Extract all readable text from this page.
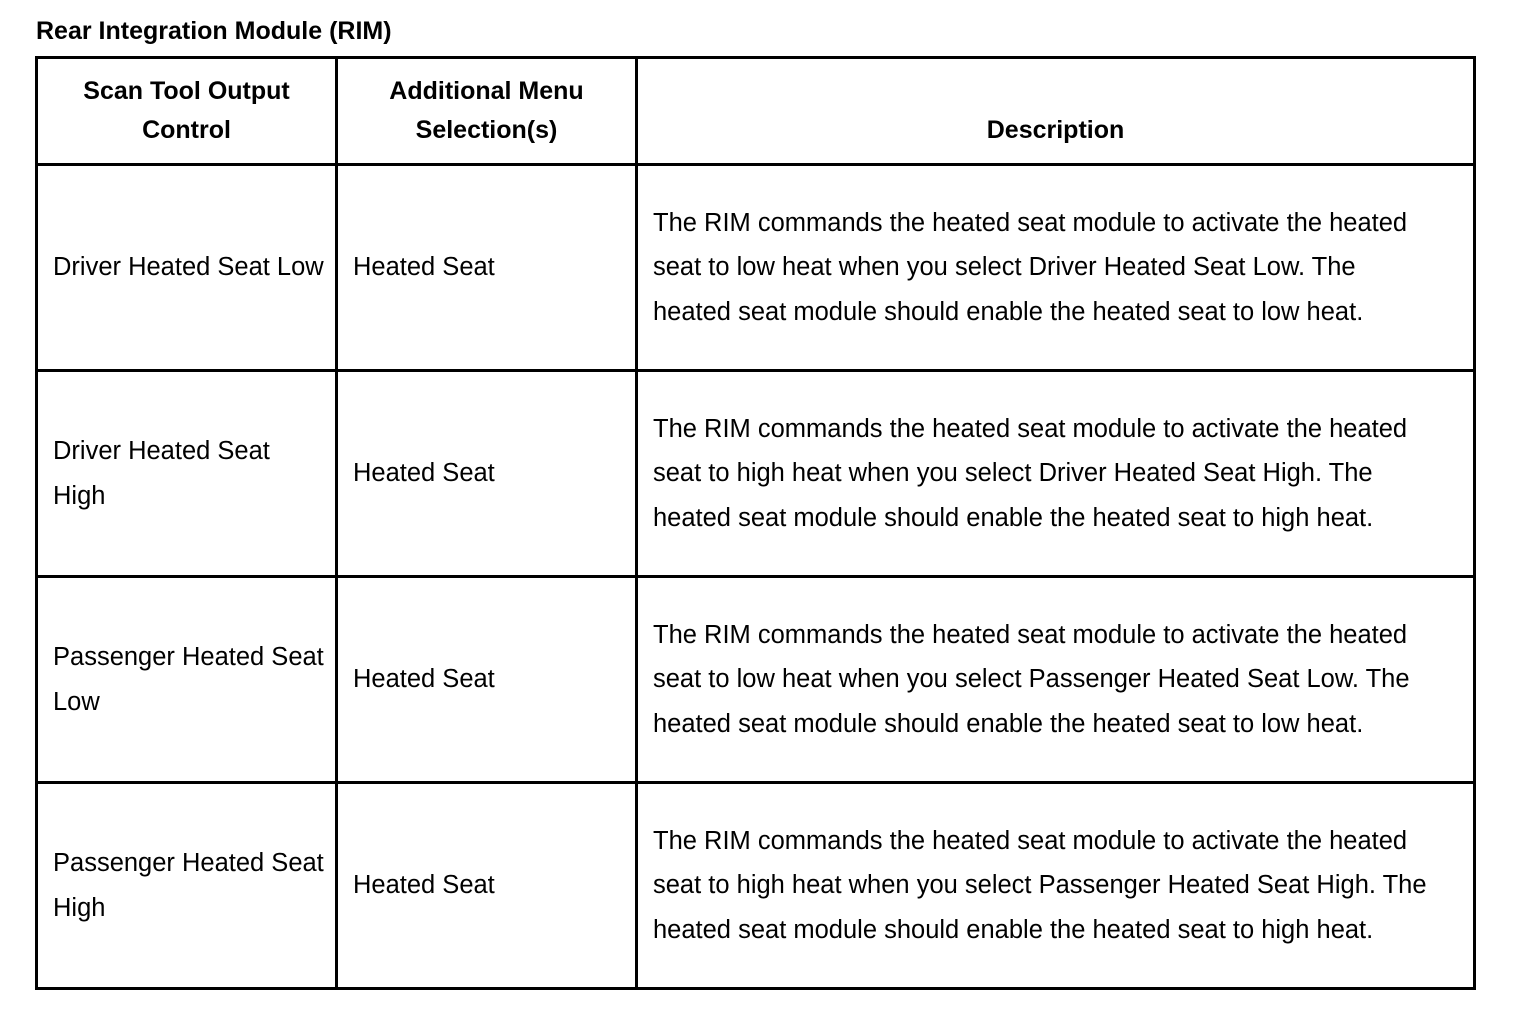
Rear Integration Module (RIM)
Scan Tool Output Control	Additional Menu Selection(s)	Description
Driver Heated Seat Low	Heated Seat	The RIM commands the heated seat module to activate the heated seat to low heat when you select Driver Heated Seat Low. The heated seat module should enable the heated seat to low heat.
Driver Heated Seat High	Heated Seat	The RIM commands the heated seat module to activate the heated seat to high heat when you select Driver Heated Seat High. The heated seat module should enable the heated seat to high heat.
Passenger Heated Seat Low	Heated Seat	The RIM commands the heated seat module to activate the heated seat to low heat when you select Passenger Heated Seat Low. The heated seat module should enable the heated seat to low heat.
Passenger Heated Seat High	Heated Seat	The RIM commands the heated seat module to activate the heated seat to high heat when you select Passenger Heated Seat High. The heated seat module should enable the heated seat to high heat.
